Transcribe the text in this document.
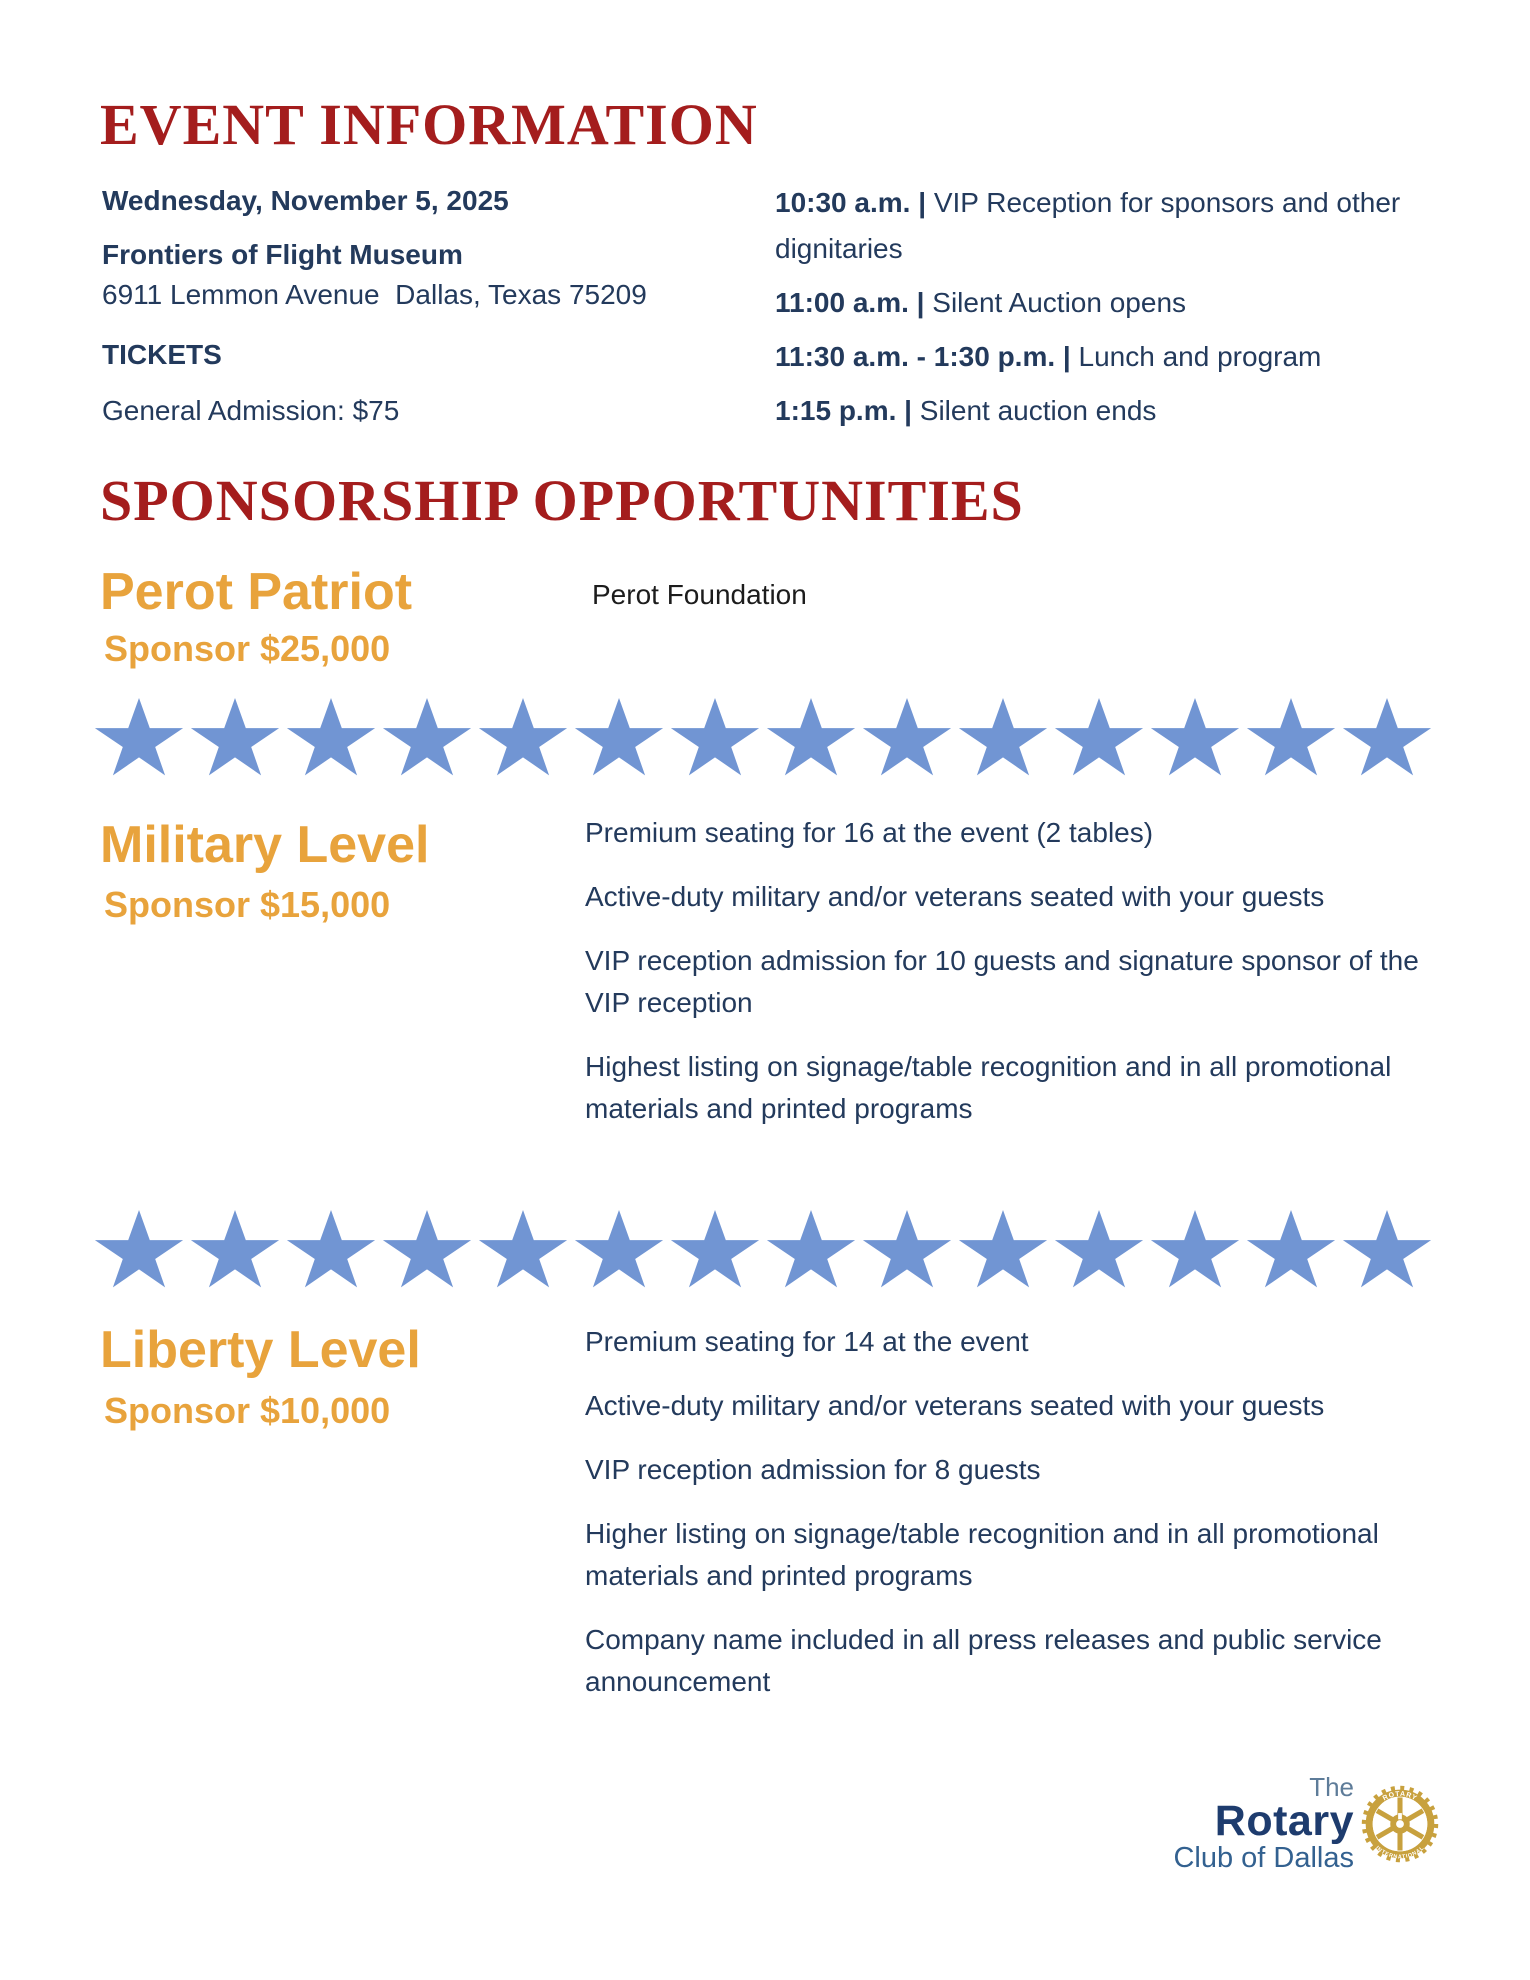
EVENT INFORMATION

Wednesday, November 5, 2025

Frontiers of Flight Museum

6911 Lemmon Avenue  Dallas, Texas 75209

TICKETS

General Admission: $75

10:30 a.m. | VIP Reception for sponsors and other dignitaries

11:00 a.m. | Silent Auction opens

11:30 a.m. - 1:30 p.m. | Lunch and program

1:15 p.m. | Silent auction ends

SPONSORSHIP OPPORTUNITIES
Perot Patriot
Sponsor $25,000

Perot Foundation

Military Level
Sponsor $15,000

Premium seating for 16 at the event (2 tables)

Active-duty military and/or veterans seated with your guests

VIP reception admission for 10 guests and signature sponsor of the VIP reception

Highest listing on signage/table recognition and in all promotional materials and printed programs

Liberty Level
Sponsor $10,000

Premium seating for 14 at the event

Active-duty military and/or veterans seated with your guests

VIP reception admission for 8 guests

Higher listing on signage/table recognition and in all promotional materials and printed programs

Company name included in all press releases and public service announcement

The

Rotary

Club of Dallas

ROTARY
INTERNATIONAL
